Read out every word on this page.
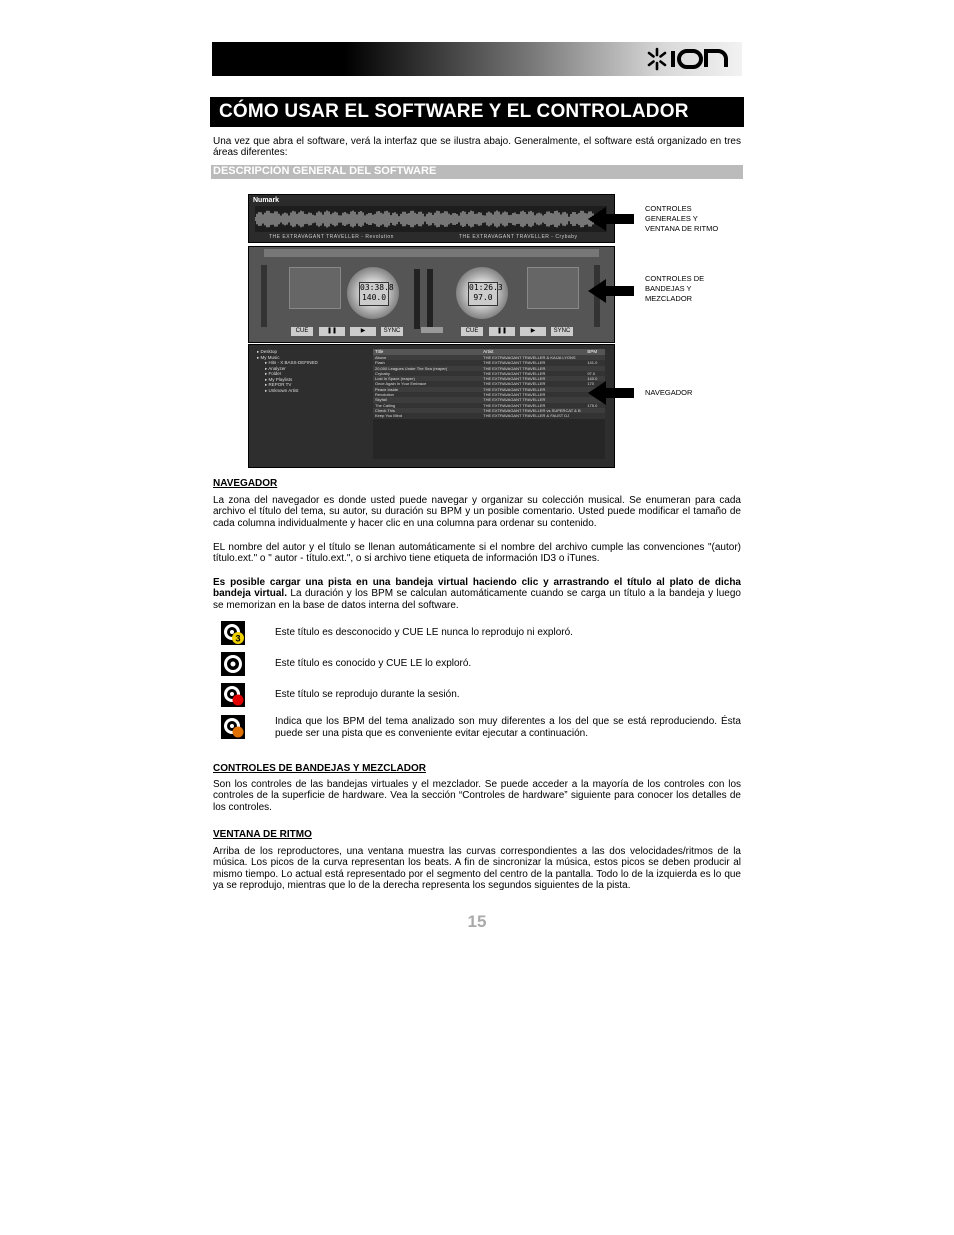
CÓMO USAR EL SOFTWARE Y EL CONTROLADOR
Una vez que abra el software, verá la interfaz que se ilustra abajo. Generalmente, el software está organizado en tres áreas diferentes:
DESCRIPCIÓN GENERAL DEL SOFTWARE
Numark
THE EXTRAVAGANT TRAVELLER - Revolution	THE EXTRAVAGANT TRAVELLER - Crybaby
03:38.8
140.0
01:26.3
97.0
CUE	❚❚	▶	SYNC	CUE	❚❚	▶	SYNC
▸ Desktop
▸ My Music
▸ Hits - X BASS-DEFINED
▸ Analyzer
▸ Folder
▸ My Playlists
▸ REPOR TV
▸ Unknown Artist
Title	Artist	BPM
Above	THE EXTRAVAGANT TRAVELLER & KAIJA LYONS
Flash	THE EXTRAVAGANT TRAVELLER	141.0
20,000 Leagues Under The Sea (reaper)	THE EXTRAVAGANT TRAVELLER
Crybaby	THE EXTRAVAGANT TRAVELLER	97.0
Lost In Space (reaper)	THE EXTRAVAGANT TRAVELLER	140.0
Once Again In Your Embrace	THE EXTRAVAGANT TRAVELLER	170
Peace Inside	THE EXTRAVAGANT TRAVELLER
Revolution	THE EXTRAVAGANT TRAVELLER
Skyfall	THE EXTRAVAGANT TRAVELLER
The Calling	THE EXTRAVAGANT TRAVELLER	175.0
Check This	THE EXTRAVAGANT TRAVELLER vs SUPERCAT & B
Keep You Mind	THE EXTRAVAGANT TRAVELLER & FAUST DJ
CONTROLES
GENERALES Y
VENTANA DE RITMO
CONTROLES DE
BANDEJAS Y
MEZCLADOR
NAVEGADOR
NAVEGADOR
La zona del navegador es donde usted puede navegar y organizar su colección musical. Se enumeran para cada archivo el título del tema, su autor, su duración su BPM y un posible comentario. Usted puede modificar el tamaño de cada columna individualmente y hacer clic en una columna para ordenar su contenido.
EL nombre del autor y el título se llenan automáticamente si el nombre del archivo cumple las convenciones "(autor) título.ext." o " autor - título.ext.", o si archivo tiene etiqueta de información ID3 o iTunes.
Es posible cargar una pista en una bandeja virtual haciendo clic y arrastrando el título al plato de dicha bandeja virtual. La duración y los BPM se calculan automáticamente cuando se carga un título a la bandeja y luego se memorizan en la base de datos interna del software.
3
Este título es desconocido y CUE LE nunca lo reprodujo ni exploró.
Este título es conocido y CUE LE lo exploró.
Este título se reprodujo durante la sesión.
Indica que los BPM del tema analizado son muy diferentes a los del que se está reproduciendo. Ésta puede ser una pista que es conveniente evitar ejecutar a continuación.
CONTROLES DE BANDEJAS Y MEZCLADOR
Son los controles de las bandejas virtuales y el mezclador. Se puede acceder a la mayoría de los controles con los controles de la superficie de hardware. Vea la sección “Controles de hardware” siguiente para conocer los detalles de los controles.
VENTANA DE RITMO
Arriba de los reproductores, una ventana muestra las curvas correspondientes a las dos velocidades/ritmos de la música. Los picos de la curva representan los beats. A fin de sincronizar la música, estos picos se deben producir al mismo tiempo. Lo actual está representado por el segmento del centro de la pantalla. Todo lo de la izquierda es lo que ya se reprodujo, mientras que lo de la derecha representa los segundos siguientes de la pista.
15
